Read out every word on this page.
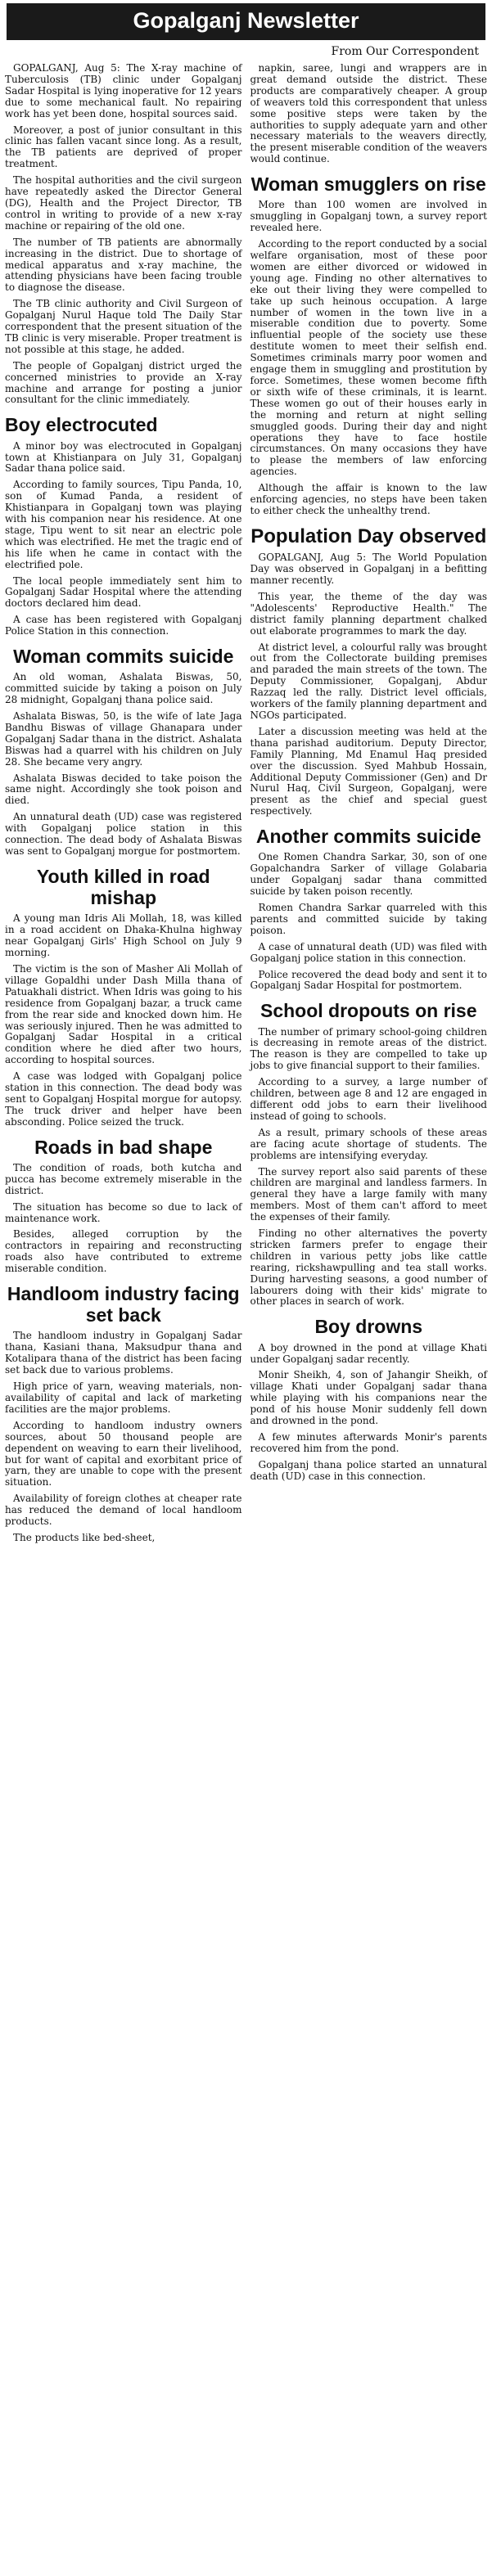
Gopalganj Newsletter
From Our Correspondent

GOPALGANJ, Aug 5: The X-ray machine of Tuberculosis (TB) clinic under Gopalganj Sadar Hospital is lying inoperative for 12 years due to some mechanical fault. No repairing work has yet been done, hospital sources said.

Moreover, a post of junior consultant in this clinic has fallen vacant since long. As a result, the TB patients are deprived of proper treatment.

The hospital authorities and the civil surgeon have repeatedly asked the Director General (DG), Health and the Project Director, TB control in writing to provide of a new x-ray machine or repairing of the old one.

The number of TB patients are abnormally increasing in the district. Due to shortage of medical apparatus and x-ray machine, the attending physicians have been facing trouble to diagnose the disease.

The TB clinic authority and Civil Surgeon of Gopalganj Nurul Haque told The Daily Star correspondent that the present situation of the TB clinic is very miserable. Proper treatment is not possible at this stage, he added.

The people of Gopalganj district urged the concerned ministries to provide an X-ray machine and arrange for posting a junior consultant for the clinic immediately.

Boy electrocuted

A minor boy was electrocuted in Gopalganj town at Khistianpara on July 31, Gopalganj Sadar thana police said.

According to family sources, Tipu Panda, 10, son of Kumad Panda, a resident of Khistianpara in Gopalganj town was playing with his companion near his residence. At one stage, Tipu went to sit near an electric pole which was electrified. He met the tragic end of his life when he came in contact with the electrified pole.

The local people immediately sent him to Gopalganj Sadar Hospital where the attending doctors declared him dead.

A case has been registered with Gopalganj Police Station in this connection.

Woman commits suicide

An old woman, Ashalata Biswas, 50, committed suicide by taking a poison on July 28 midnight, Gopalganj thana police said.

Ashalata Biswas, 50, is the wife of late Jaga Bandhu Biswas of village Ghanapara under Gopalganj Sadar thana in the district. Ashalata Biswas had a quarrel with his children on July 28. She became very angry.

Ashalata Biswas decided to take poison the same night. Accordingly she took poison and died.

An unnatural death (UD) case was registered with Gopalganj police station in this connection. The dead body of Ashalata Biswas was sent to Gopalganj morgue for postmortem.

Youth killed in road mishap

A young man Idris Ali Mollah, 18, was killed in a road accident on Dhaka-Khulna highway near Gopalganj Girls' High School on July 9 morning.

The victim is the son of Masher Ali Mollah of village Gopaldhi under Dash Milla thana of Patuakhali district. When Idris was going to his residence from Gopalganj bazar, a truck came from the rear side and knocked down him. He was seriously injured. Then he was admitted to Gopalganj Sadar Hospital in a critical condition where he died after two hours, according to hospital sources.

A case was lodged with Gopalganj police station in this connection. The dead body was sent to Gopalganj Hospital morgue for autopsy. The truck driver and helper have been absconding. Police seized the truck.

Roads in bad shape

The condition of roads, both kutcha and pucca has become extremely miserable in the district.

The situation has become so due to lack of maintenance work.

Besides, alleged corruption by the contractors in repairing and reconstructing roads also have contributed to extreme miserable condition.

Handloom industry facing set back

The handloom industry in Gopalganj Sadar thana, Kasiani thana, Maksudpur thana and Kotalipara thana of the district has been facing set back due to various problems.

High price of yarn, weaving materials, non-availability of capital and lack of marketing facilities are the major problems.

According to handloom industry owners sources, about 50 thousand people are dependent on weaving to earn their livelihood, but for want of capital and exorbitant price of yarn, they are unable to cope with the present situation.

Availability of foreign clothes at cheaper rate has reduced the demand of local handloom products.

The products like bed-sheet,

napkin, saree, lungi and wrappers are in great demand outside the district. These products are comparatively cheaper. A group of weavers told this correspondent that unless some positive steps were taken by the authorities to supply adequate yarn and other necessary materials to the weavers directly, the present miserable condition of the weavers would continue.

Woman smugglers on rise

More than 100 women are involved in smuggling in Gopalganj town, a survey report revealed here.

According to the report conducted by a social welfare organisation, most of these poor women are either divorced or widowed in young age. Finding no other alternatives to eke out their living they were compelled to take up such heinous occupation. A large number of women in the town live in a miserable condition due to poverty. Some influential people of the society use these destitute women to meet their selfish end. Sometimes criminals marry poor women and engage them in smuggling and prostitution by force. Sometimes, these women become fifth or sixth wife of these criminals, it is learnt. These women go out of their houses early in the morning and return at night selling smuggled goods. During their day and night operations they have to face hostile circumstances. On many occasions they have to please the members of law enforcing agencies.

Although the affair is known to the law enforcing agencies, no steps have been taken to either check the unhealthy trend.

Population Day observed

GOPALGANJ, Aug 5: The World Population Day was observed in Gopalganj in a befitting manner recently.

This year, the theme of the day was "Adolescents' Reproductive Health." The district family planning department chalked out elaborate programmes to mark the day.

At district level, a colourful rally was brought out from the Collectorate building premises and paraded the main streets of the town. The Deputy Commissioner, Gopalganj, Abdur Razzaq led the rally. District level officials, workers of the family planning department and NGOs participated.

Later a discussion meeting was held at the thana parishad auditorium. Deputy Director, Family Planning, Md Enamul Haq presided over the discussion. Syed Mahbub Hossain, Additional Deputy Commissioner (Gen) and Dr Nurul Haq, Civil Surgeon, Gopalganj, were present as the chief and special guest respectively.

Another commits suicide

One Romen Chandra Sarkar, 30, son of one Gopalchandra Sarker of village Golabaria under Gopalganj sadar thana committed suicide by taken poison recently.

Romen Chandra Sarkar quarreled with this parents and committed suicide by taking poison.

A case of unnatural death (UD) was filed with Gopalganj police station in this connection.

Police recovered the dead body and sent it to Gopalganj Sadar Hospital for postmortem.

School dropouts on rise

The number of primary school-going children is decreasing in remote areas of the district. The reason is they are compelled to take up jobs to give financial support to their families.

According to a survey, a large number of children, between age 8 and 12 are engaged in different odd jobs to earn their livelihood instead of going to schools.

As a result, primary schools of these areas are facing acute shortage of students. The problems are intensifying everyday.

The survey report also said parents of these children are marginal and landless farmers. In general they have a large family with many members. Most of them can't afford to meet the expenses of their family.

Finding no other alternatives the poverty stricken farmers prefer to engage their children in various petty jobs like cattle rearing, rickshawpulling and tea stall works. During harvesting seasons, a good number of labourers doing with their kids' migrate to other places in search of work.

Boy drowns

A boy drowned in the pond at village Khati under Gopalganj sadar recently.

Monir Sheikh, 4, son of Jahangir Sheikh, of village Khati under Gopalganj sadar thana while playing with his companions near the pond of his house Monir suddenly fell down and drowned in the pond.

A few minutes afterwards Monir's parents recovered him from the pond.

Gopalganj thana police started an unnatural death (UD) case in this connection.
